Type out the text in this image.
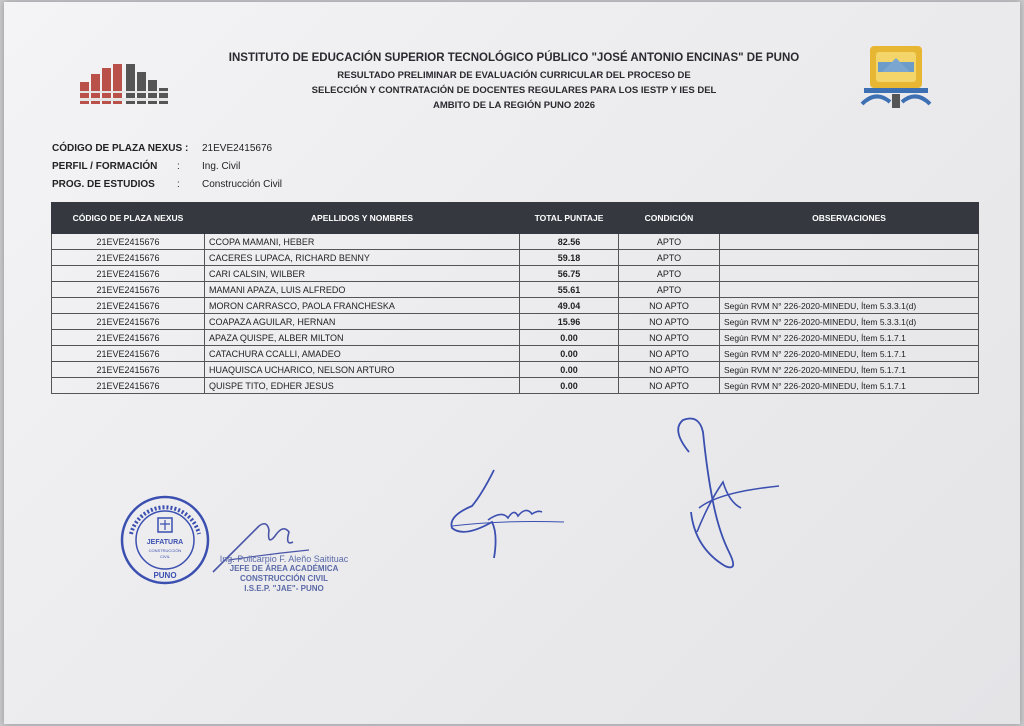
INSTITUTO DE EDUCACIÓN SUPERIOR TECNOLÓGICO PÚBLICO "JOSÉ ANTONIO ENCINAS" DE PUNO
RESULTADO PRELIMINAR DE EVALUACIÓN CURRICULAR DEL PROCESO DE
SELECCIÓN Y CONTRATACIÓN DE DOCENTES REGULARES PARA LOS IESTP Y IES DEL
AMBITO DE LA REGIÓN PUNO 2026
CÓDIGO DE PLAZA NEXUS :	21EVE2415676
PERFIL / FORMACIÓN	:	Ing. Civil
PROG. DE ESTUDIOS	:	Construcción Civil
CÓDIGO DE PLAZA NEXUS	APELLIDOS Y NOMBRES	TOTAL PUNTAJE	CONDICIÓN	OBSERVACIONES
21EVE2415676	CCOPA MAMANI, HEBER	82.56	APTO	
21EVE2415676	CACERES LUPACA, RICHARD BENNY	59.18	APTO	
21EVE2415676	CARI CALSIN, WILBER	56.75	APTO	
21EVE2415676	MAMANI APAZA, LUIS ALFREDO	55.61	APTO	
21EVE2415676	MORON CARRASCO, PAOLA FRANCHESKA	49.04	NO APTO	Según RVM N° 226-2020-MINEDU, Ítem 5.3.3.1(d)
21EVE2415676	COAPAZA AGUILAR, HERNAN	15.96	NO APTO	Según RVM N° 226-2020-MINEDU, Ítem 5.3.3.1(d)
21EVE2415676	APAZA QUISPE, ALBER MILTON	0.00	NO APTO	Según RVM N° 226-2020-MINEDU, Ítem 5.1.7.1
21EVE2415676	CATACHURA CCALLI, AMADEO	0.00	NO APTO	Según RVM N° 226-2020-MINEDU, Ítem 5.1.7.1
21EVE2415676	HUAQUISCA UCHARICO, NELSON ARTURO	0.00	NO APTO	Según RVM N° 226-2020-MINEDU, Ítem 5.1.7.1
21EVE2415676	QUISPE TITO, EDHER JESUS	0.00	NO APTO	Según RVM N° 226-2020-MINEDU, Ítem 5.1.7.1
JEFATURA
CONSTRUCCIÓN
CIVIL
PUNO
Ing. Policarpio F. Aleño Saitituac
JEFE DE ÁREA ACADÉMICA
CONSTRUCCIÓN CIVIL
I.S.E.P. "JAE"- PUNO
